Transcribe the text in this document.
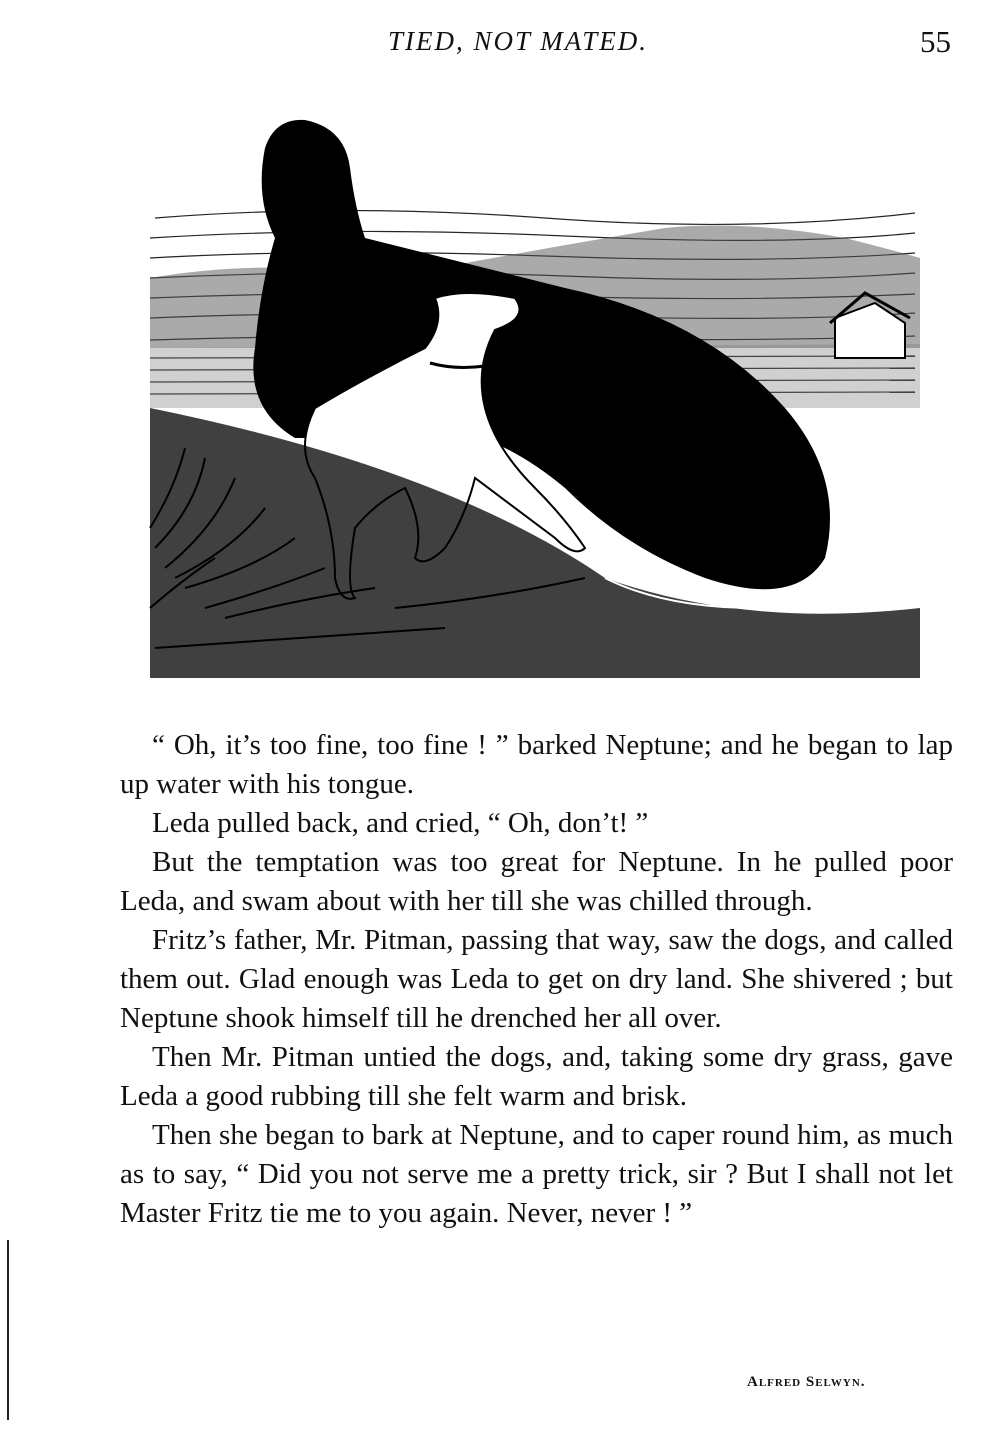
TIED, NOT MATED.	55

“ Oh, it’s too fine, too fine ! ” barked Neptune; and he began to lap up water with his tongue.

Leda pulled back, and cried, “ Oh, don’t! ”

But the temptation was too great for Neptune. In he pulled poor Leda, and swam about with her till she was chilled through.

Fritz’s father, Mr. Pitman, passing that way, saw the dogs, and called them out. Glad enough was Leda to get on dry land. She shivered ; but Neptune shook himself till he drenched her all over.

Then Mr. Pitman untied the dogs, and, taking some dry grass, gave Leda a good rubbing till she felt warm and brisk.

Then she began to bark at Neptune, and to caper round him, as much as to say, “ Did you not serve me a pretty trick, sir ? But I shall not let Master Fritz tie me to you again. Never, never ! ”

Alfred Selwyn.
